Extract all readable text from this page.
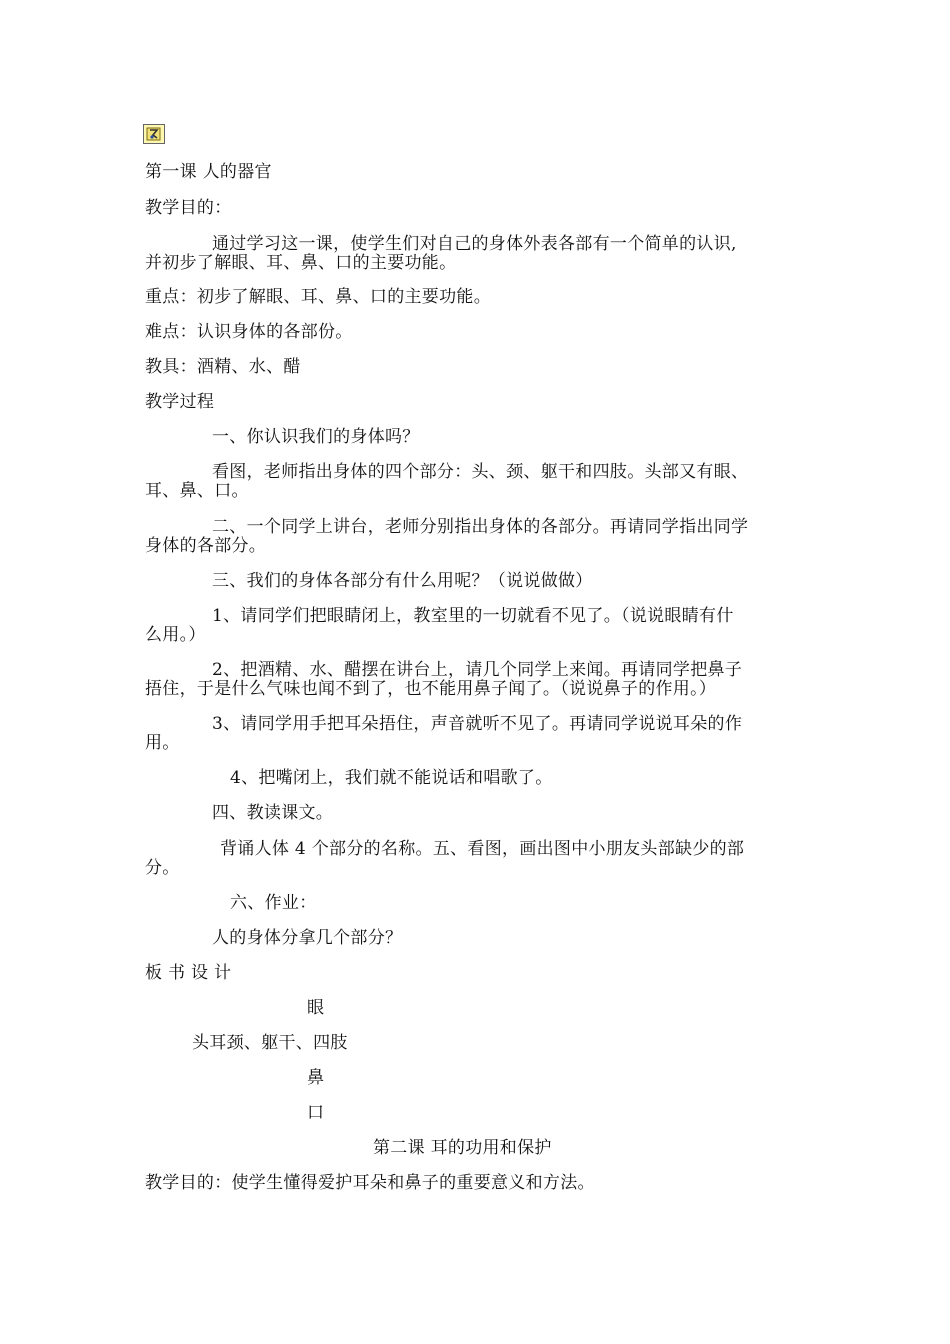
第一课 人的器官
教学目的：
通过学习这一课，使学生们对自己的身体外表各部有一个简单的认识,
并初步了解眼、耳、鼻、口的主要功能。
重点：初步了解眼、耳、鼻、口的主要功能。
难点：认识身体的各部份。
教具：酒精、水、醋
教学过程
一、你认识我们的身体吗？
看图，老师指出身体的四个部分：头、颈、躯干和四肢。头部又有眼、
耳、鼻、口。
二、一个同学上讲台，老师分别指出身体的各部分。再请同学指出同学
身体的各部分。
三、我们的身体各部分有什么用呢？（说说做做）
1、请同学们把眼睛闭上，教室里的一切就看不见了。（说说眼睛有什
么用。）
2、把酒精、水、醋摆在讲台上，请几个同学上来闻。再请同学把鼻子
捂住，于是什么气味也闻不到了，也不能用鼻子闻了。（说说鼻子的作用。）
3、请同学用手把耳朵捂住，声音就听不见了。再请同学说说耳朵的作
用。
4、把嘴闭上，我们就不能说话和唱歌了。
四、教读课文。
背诵人体 4 个部分的名称。五、看图，画出图中小朋友头部缺少的部
分。
六、作业：
人的身体分拿几个部分？
板 书 设 计
眼
头耳颈、躯干、四肢
鼻
口
第二课 耳的功用和保护
教学目的：使学生懂得爱护耳朵和鼻子的重要意义和方法。
